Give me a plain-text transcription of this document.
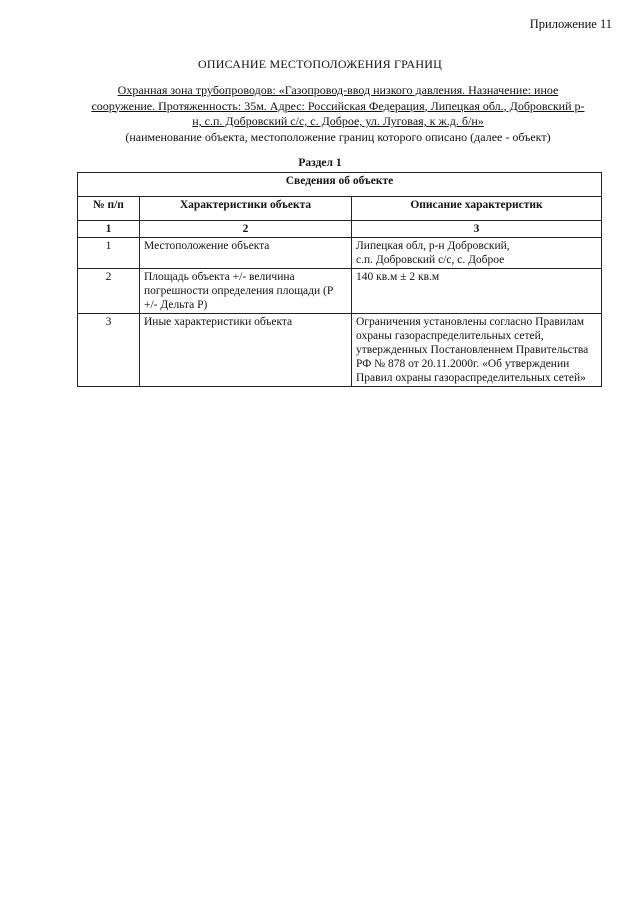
Приложение 11
ОПИСАНИЕ МЕСТОПОЛОЖЕНИЯ ГРАНИЦ
Охранная зона трубопроводов: «Газопровод-ввод низкого давления. Назначение: иное сооружение. Протяженность: 35м. Адрес: Российская Федерация, Липецкая обл., Добровский р-н, с.п. Добровский с/с, с. Доброе, ул. Луговая, к ж.д. б/н»
(наименование объекта, местоположение границ которого описано (далее - объект)
Раздел 1
Сведения об объекте		
№ п/п	Характеристики объекта	Описание характеристик
1	2	3
1	Местоположение объекта	Липецкая обл, р-н Добровский,
с.п. Добровский с/с, с. Доброе
2	Площадь объекта +/- величина погрешности определения площади (Р +/- Дельта Р)	140 кв.м ± 2 кв.м
3	Иные характеристики объекта	Ограничения установлены согласно Правилам охраны газораспределительных сетей, утвержденных Постановленнем Правительства РФ № 878 от 20.11.2000г. «Об утверждении Правил охраны газораспределительных сетей»
